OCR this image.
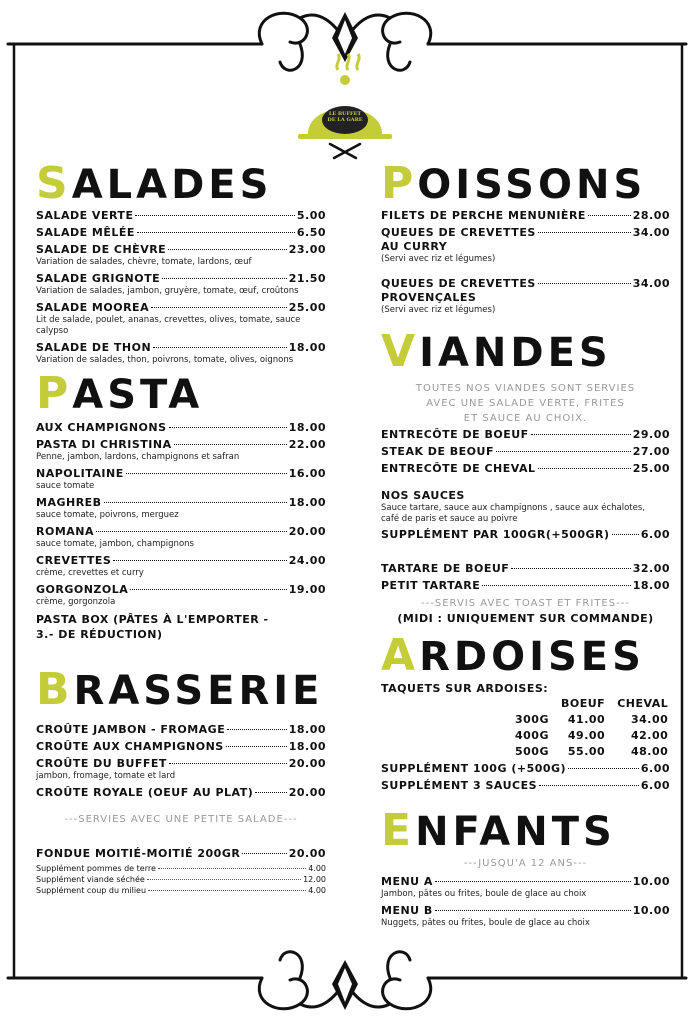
LE BUFFET
DE LA GARE
SALADES
SALADE VERTE	5.00
SALADE MÊLÉE	6.50
SALADE DE CHÈVRE	23.00
Variation de salades, chèvre, tomate, lardons, œuf
SALADE GRIGNOTE	21.50
Variation de salades, jambon, gruyère, tomate, œuf, croûtons
SALADE MOOREA	25.00
Lit de salade, poulet, ananas, crevettes, olives, tomate, sauce calypso
SALADE DE THON	18.00
Variation de salades, thon, poivrons, tomate, olives, oignons
PASTA
AUX CHAMPIGNONS	18.00
PASTA DI CHRISTINA	22.00
Penne, jambon, lardons, champignons et safran
NAPOLITAINE	16.00
sauce tomate
MAGHREB	18.00
sauce tomate, poivrons, merguez
ROMANA	20.00
sauce tomate, jambon, champignons
CREVETTES	24.00
crème, crevettes et curry
GORGONZOLA	19.00
crème, gorgonzola
PASTA BOX (PÂTES À L'EMPORTER -
3.- DE RÉDUCTION)
BRASSERIE
CROÛTE JAMBON - FROMAGE	18.00
CROÛTE AUX CHAMPIGNONS	18.00
CROÛTE DU BUFFET	20.00
jambon, fromage, tomate et lard
CROÛTE ROYALE (OEUF AU PLAT)	20.00
---SERVIES AVEC UNE PETITE SALADE---
FONDUE MOITIÉ-MOITIÉ 200GR	20.00
Supplément pommes de terre	4.00
Supplément viande séchée	12.00
Supplément coup du milieu	4.00
POISSONS
FILETS DE PERCHE MENUNIÈRE	28.00
QUEUES DE CREVETTES	34.00
AU CURRY
(Servi avec riz et légumes)
QUEUES DE CREVETTES	34.00
PROVENÇALES
(Servi avec riz et légumes)
VIANDES
TOUTES NOS VIANDES SONT SERVIES
AVEC UNE SALADE VERTE, FRITES
ET SAUCE AU CHOIX.
ENTRECÔTE DE BOEUF	29.00
STEAK DE BEOUF	27.00
ENTRECÔTE DE CHEVAL	25.00
NOS SAUCES
Sauce tartare, sauce aux champignons , sauce aux échalotes,
café de paris et sauce au poivre
SUPPLÉMENT PAR 100GR(+500GR)	6.00
TARTARE DE BOEUF	32.00
PETIT TARTARE	18.00
---SERVIS AVEC TOAST ET FRITES---
(MIDI : UNIQUEMENT SUR COMMANDE)
ARDOISES
TAQUETS SUR ARDOISES:
	BOEUF	CHEVAL
300G	41.00	34.00
400G	49.00	42.00
500G	55.00	48.00
SUPPLÉMENT 100G (+500G)	6.00
SUPPLÉMENT 3 SAUCES	6.00
ENFANTS
---JUSQU'A 12 ANS---
MENU A	10.00
Jambon, pâtes ou frites, boule de glace au choix
MENU B	10.00
Nuggets, pâtes ou frites, boule de glace au choix
